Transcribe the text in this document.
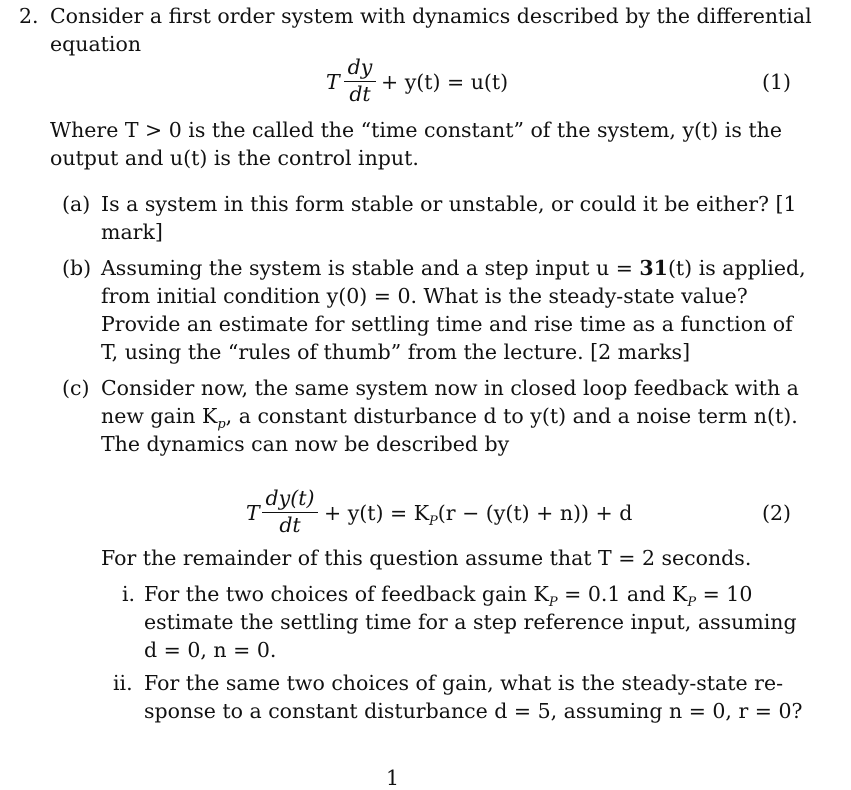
2. Consider a first order system with dynamics described by the differential
equation
T
dy
dt + y(t) = u(t)	(1)
Where T > 0 is the called the “time constant” of the system, y(t) is the
output and u(t) is the control input.
(a) Is a system in this form stable or unstable, or could it be either? [1
mark]
(b) Assuming the system is stable and a step input u = 31(t) is applied,
from initial condition y(0) = 0. What is the steady-state value?
Provide an estimate for settling time and rise time as a function of
T, using the “rules of thumb” from the lecture. [2 marks]
(c) Consider now, the same system now in closed loop feedback with a
new gain $K_p$, a constant disturbance d to y(t) and a noise term n(t).
The dynamics can now be described by
T
dy(t)
dt	+ $y(t) = K_P(r - (y(t) + n)) + d$	(2)
For the remainder of this question assume that T = 2 seconds.
i. For the two choices of feedback gain $K_P = 0.1$ and $K_P = 10$
estimate the settling time for a step reference input, assuming
d = 0, n = 0.
ii. For the same two choices of gain, what is the steady-state re-
sponse to a constant disturbance d = 5, assuming n = 0, r = 0?
1
